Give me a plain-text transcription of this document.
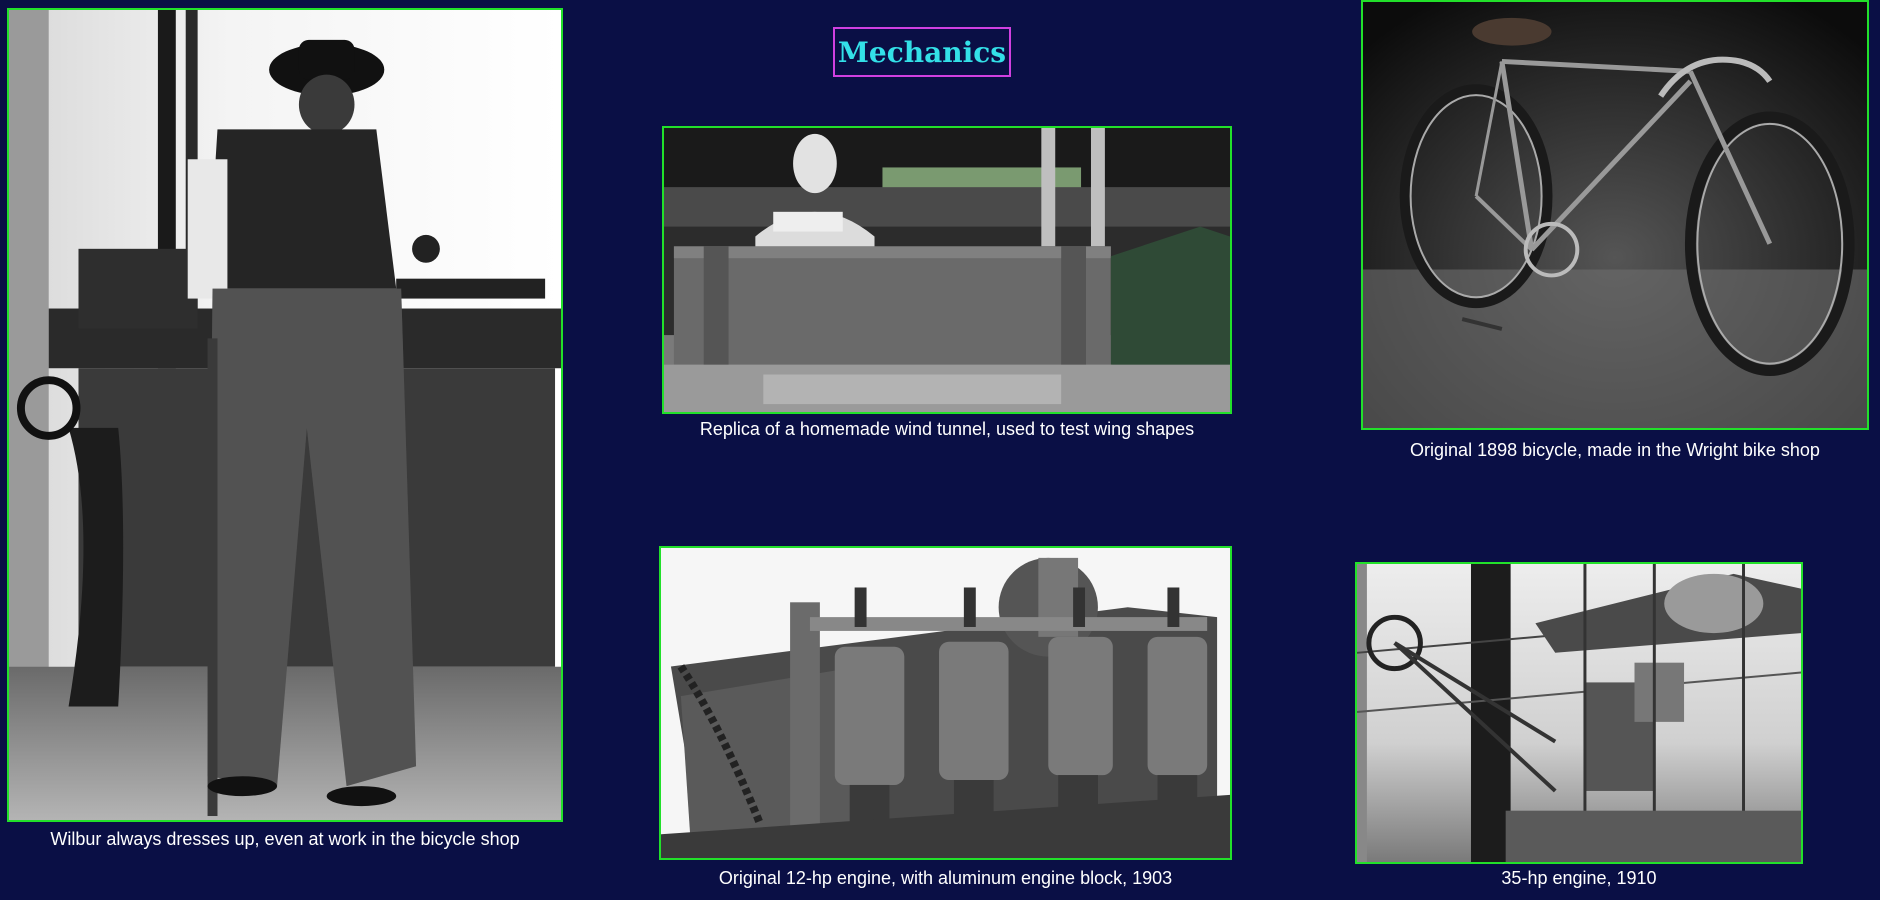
Mechanics
Wilbur always dresses up, even at work in the bicycle shop
Replica of a homemade wind tunnel, used to test wing shapes
Original 1898 bicycle, made in the Wright bike shop
Original 12-hp engine, with aluminum engine block, 1903	35-hp engine, 1910
